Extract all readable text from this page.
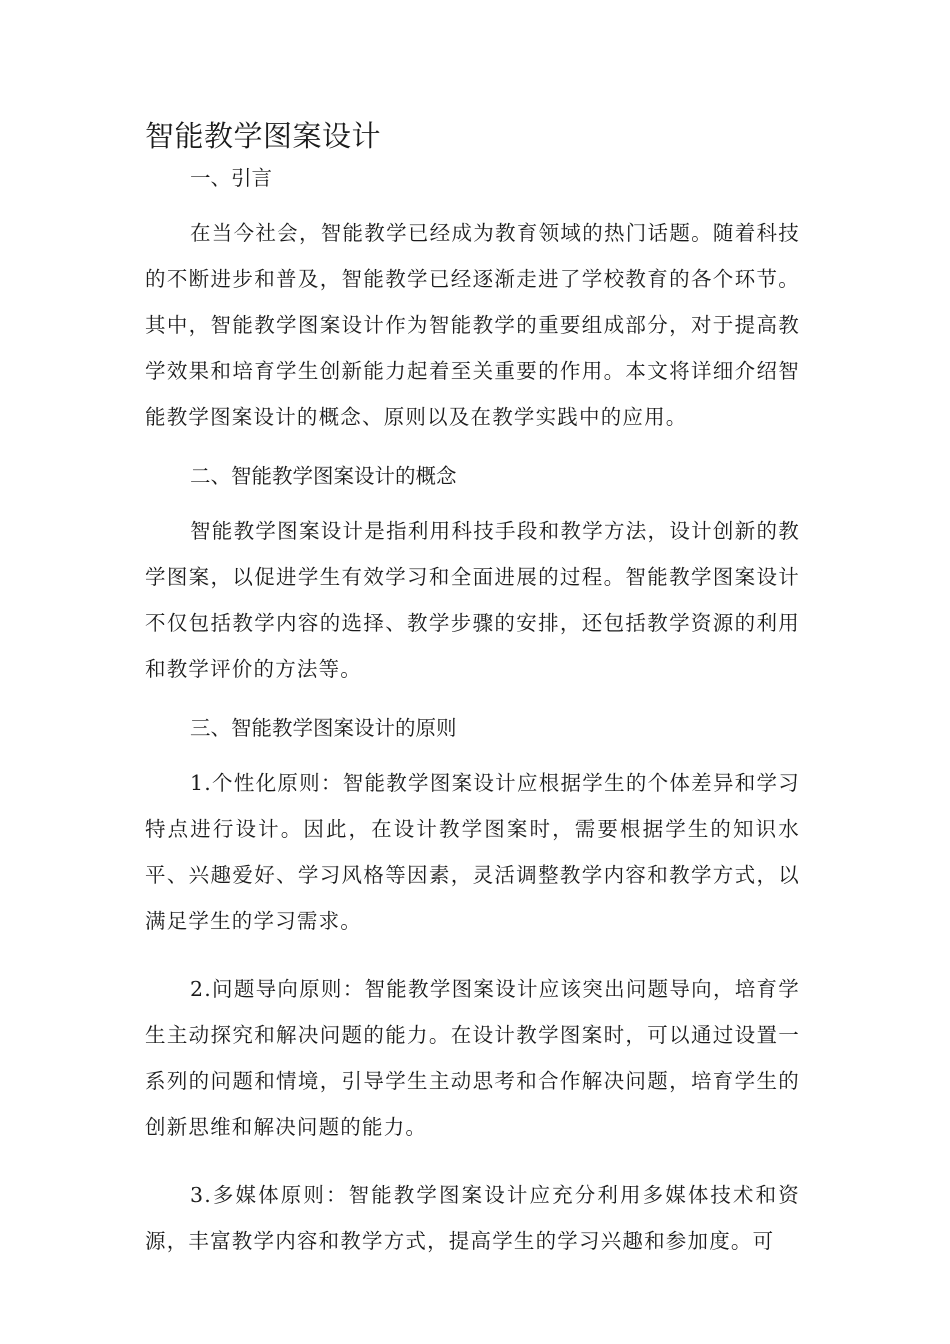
智能教学图案设计
一、引言

在当今社会，智能教学已经成为教育领域的热门话题。随着科技的不断进步和普及，智能教学已经逐渐走进了学校教育的各个环节。其中，智能教学图案设计作为智能教学的重要组成部分，对于提高教学效果和培育学生创新能力起着至关重要的作用。本文将详细介绍智能教学图案设计的概念、原则以及在教学实践中的应用。

二、智能教学图案设计的概念

智能教学图案设计是指利用科技手段和教学方法，设计创新的教学图案，以促进学生有效学习和全面进展的过程。智能教学图案设计不仅包括教学内容的选择、教学步骤的安排，还包括教学资源的利用和教学评价的方法等。

三、智能教学图案设计的原则

1.个性化原则：智能教学图案设计应根据学生的个体差异和学习特点进行设计。因此，在设计教学图案时，需要根据学生的知识水平、兴趣爱好、学习风格等因素，灵活调整教学内容和教学方式，以满足学生的学习需求。

2.问题导向原则：智能教学图案设计应该突出问题导向，培育学生主动探究和解决问题的能力。在设计教学图案时，可以通过设置一系列的问题和情境，引导学生主动思考和合作解决问题，培育学生的创新思维和解决问题的能力。

3.多媒体原则：智能教学图案设计应充分利用多媒体技术和资源，丰富教学内容和教学方式，提高学生的学习兴趣和参加度。可
